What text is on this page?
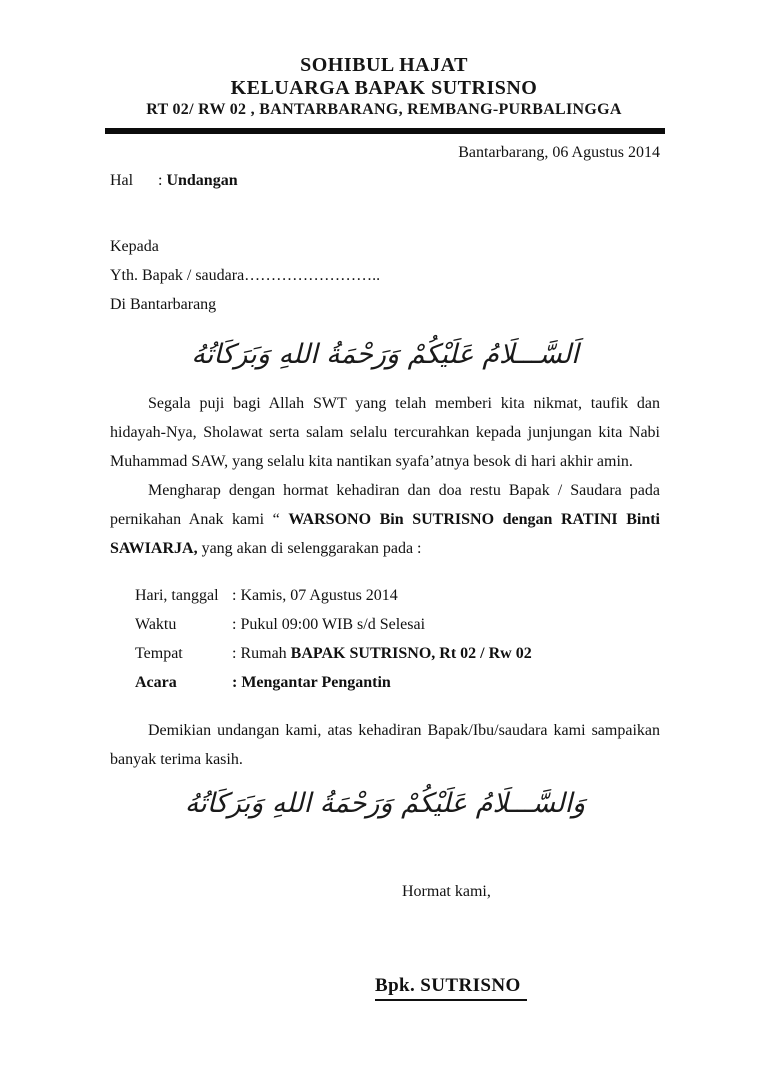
SOHIBUL HAJAT
KELUARGA BAPAK SUTRISNO
RT 02/ RW 02 , BANTARBARANG, REMBANG-PURBALINGGA
Bantarbarang, 06 Agustus 2014
Hal : Undangan
Kepada
Yth. Bapak / saudara……………………..
Di Bantarbarang
اَلسَّـــلَامُ عَلَيْكُمْ وَرَحْمَةُ اللهِ وَبَرَكَاتُهُ

Segala puji bagi Allah SWT yang telah memberi kita nikmat, taufik dan hidayah-Nya, Sholawat serta salam selalu tercurahkan kepada junjungan kita Nabi Muhammad SAW, yang selalu kita nantikan syafa’atnya besok di hari akhir amin.

Mengharap dengan hormat kehadiran dan doa restu Bapak / Saudara pada pernikahan Anak kami “ WARSONO Bin SUTRISNO dengan RATINI Binti SAWIARJA, yang akan di selenggarakan pada :

Hari, tanggal : Kamis, 07 Agustus 2014
Waktu	: Pukul 09:00 WIB s/d Selesai
Tempat	: Rumah BAPAK SUTRISNO, Rt 02 / Rw 02
Acara	: Mengantar Pengantin

Demikian undangan kami, atas kehadiran Bapak/Ibu/saudara kami sampaikan banyak terima kasih.

وَالسَّـــلَامُ عَلَيْكُمْ وَرَحْمَةُ اللهِ وَبَرَكَاتُهُ
Hormat kami,
Bpk. SUTRISNO
